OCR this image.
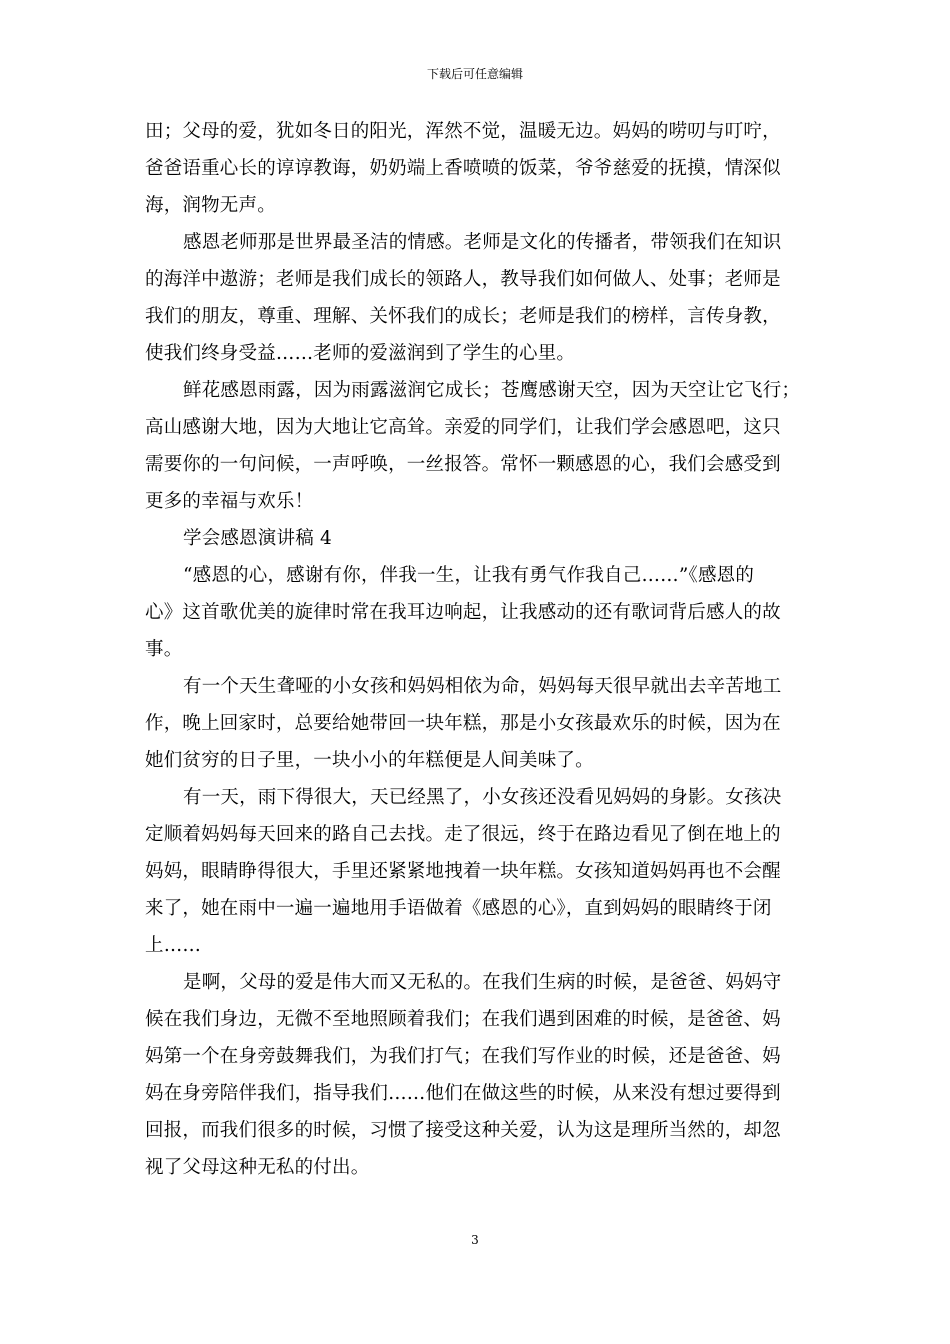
下载后可任意编辑
田；父母的爱，犹如冬日的阳光，浑然不觉，温暖无边。妈妈的唠叨与叮咛，
爸爸语重心长的谆谆教诲，奶奶端上香喷喷的饭菜，爷爷慈爱的抚摸，情深似
海，润物无声。
感恩老师那是世界最圣洁的情感。老师是文化的传播者，带领我们在知识
的海洋中遨游；老师是我们成长的领路人，教导我们如何做人、处事；老师是
我们的朋友，尊重、理解、关怀我们的成长；老师是我们的榜样，言传身教，
使我们终身受益……老师的爱滋润到了学生的心里。
鲜花感恩雨露，因为雨露滋润它成长；苍鹰感谢天空，因为天空让它飞行；
高山感谢大地，因为大地让它高耸。亲爱的同学们，让我们学会感恩吧，这只
需要你的一句问候，一声呼唤，一丝报答。常怀一颗感恩的心，我们会感受到
更多的幸福与欢乐！
学会感恩演讲稿 4
“感恩的心，感谢有你，伴我一生，让我有勇气作我自己……”《感恩的
心》这首歌优美的旋律时常在我耳边响起，让我感动的还有歌词背后感人的故
事。
有一个天生聋哑的小女孩和妈妈相依为命，妈妈每天很早就出去辛苦地工
作，晚上回家时，总要给她带回一块年糕，那是小女孩最欢乐的时候，因为在
她们贫穷的日子里，一块小小的年糕便是人间美味了。
有一天，雨下得很大，天已经黑了，小女孩还没看见妈妈的身影。女孩决
定顺着妈妈每天回来的路自己去找。走了很远，终于在路边看见了倒在地上的
妈妈，眼睛睁得很大，手里还紧紧地拽着一块年糕。女孩知道妈妈再也不会醒
来了，她在雨中一遍一遍地用手语做着《感恩的心》，直到妈妈的眼睛终于闭
上……
是啊，父母的爱是伟大而又无私的。在我们生病的时候，是爸爸、妈妈守
候在我们身边，无微不至地照顾着我们；在我们遇到困难的时候，是爸爸、妈
妈第一个在身旁鼓舞我们，为我们打气；在我们写作业的时候，还是爸爸、妈
妈在身旁陪伴我们，指导我们……他们在做这些的时候，从来没有想过要得到
回报，而我们很多的时候，习惯了接受这种关爱，认为这是理所当然的，却忽
视了父母这种无私的付出。
3
